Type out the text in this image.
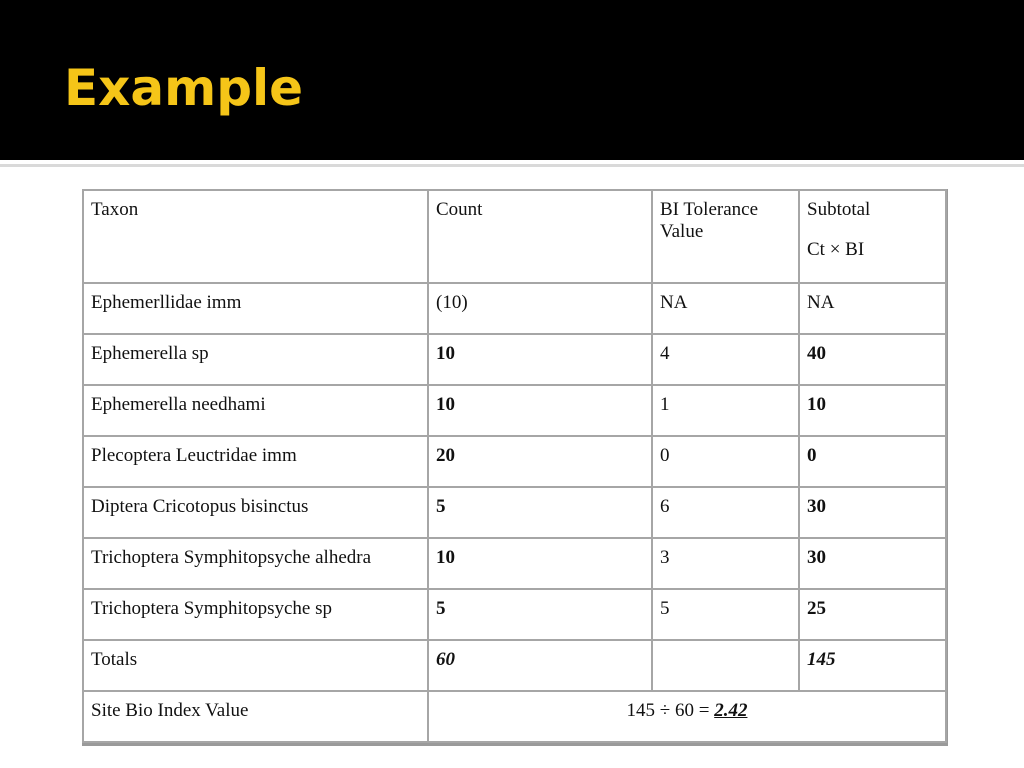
Example
Taxon	Count	BI Tolerance Value	Subtotal
Ct × BI

Ephemerllidae imm	(10)	NA	NA
Ephemerella sp	10	4	40
Ephemerella needhami	10	1	10
Plecoptera Leuctridae imm	20	0	0
Diptera Cricotopus bisinctus	5	6	30
Trichoptera Symphitopsyche alhedra	10	3	30
Trichoptera Symphitopsyche sp	5	5	25
Totals	60		145
Site Bio Index Value	145 ÷ 60 = 2.42		
